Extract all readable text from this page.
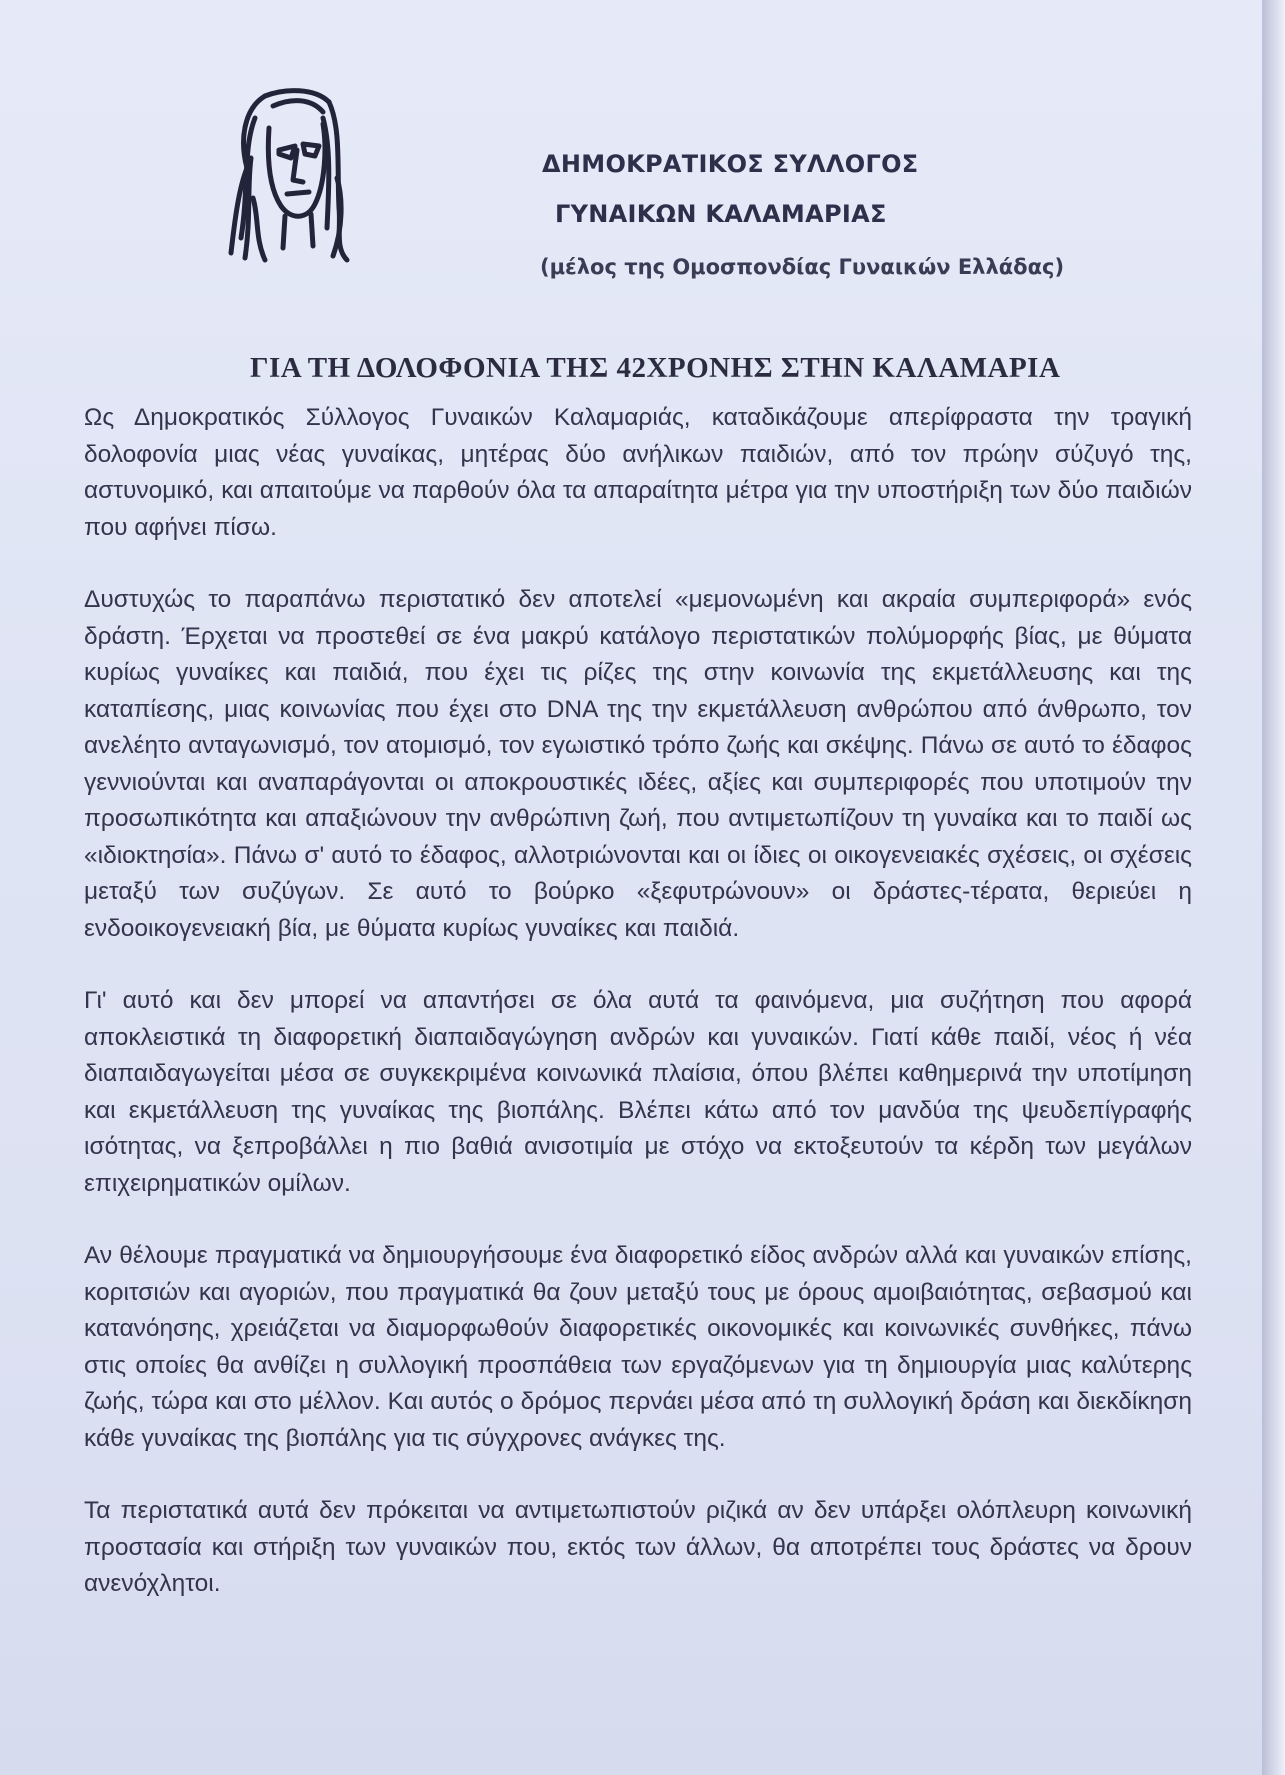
ΔΗΜΟΚΡΑΤΙΚΟΣ ΣΥΛΛΟΓΟΣ
ΓΥΝΑΙΚΩΝ ΚΑΛΑΜΑΡΙΑΣ
(μέλος της Ομοσπονδίας Γυναικών Ελλάδας)
ΓΙΑ ΤΗ ΔΟΛΟΦΟΝΙΑ ΤΗΣ 42ΧΡΟΝΗΣ ΣΤΗΝ ΚΑΛΑΜΑΡΙΑ

Ως Δημοκρατικός Σύλλογος Γυναικών Καλαμαριάς, καταδικάζουμε απερίφραστα την τραγική δολοφονία μιας νέας γυναίκας, μητέρας δύο ανήλικων παιδιών, από τον πρώην σύζυγό της, αστυνομικό, και απαιτούμε να παρθούν όλα τα απαραίτητα μέτρα για την υποστήριξη των δύο παιδιών που αφήνει πίσω.

Δυστυχώς το παραπάνω περιστατικό δεν αποτελεί «μεμονωμένη και ακραία συμπεριφορά» ενός δράστη. Έρχεται να προστεθεί σε ένα μακρύ κατάλογο περιστατικών πολύμορφής βίας, με θύματα κυρίως γυναίκες και παιδιά, που έχει τις ρίζες της στην κοινωνία της εκμετάλλευσης και της καταπίεσης, μιας κοινωνίας που έχει στο DNA της την εκμετάλλευση ανθρώπου από άνθρωπο, τον ανελέητο ανταγωνισμό, τον ατομισμό, τον εγωιστικό τρόπο ζωής και σκέψης. Πάνω σε αυτό το έδαφος γεννιούνται και αναπαράγονται οι αποκρουστικές ιδέες, αξίες και συμπεριφορές που υποτιμούν την προσωπικότητα και απαξιώνουν την ανθρώπινη ζωή, που αντιμετωπίζουν τη γυναίκα και το παιδί ως «ιδιοκτησία». Πάνω σ' αυτό το έδαφος, αλλοτριώνονται και οι ίδιες οι οικογενειακές σχέσεις, οι σχέσεις μεταξύ των συζύγων. Σε αυτό το βούρκο «ξεφυτρώνουν» οι δράστες-τέρατα, θεριεύει η ενδοοικογενειακή βία, με θύματα κυρίως γυναίκες και παιδιά.

Γι' αυτό και δεν μπορεί να απαντήσει σε όλα αυτά τα φαινόμενα, μια συζήτηση που αφορά αποκλειστικά τη διαφορετική διαπαιδαγώγηση ανδρών και γυναικών. Γιατί κάθε παιδί, νέος ή νέα διαπαιδαγωγείται μέσα σε συγκεκριμένα κοινωνικά πλαίσια, όπου βλέπει καθημερινά την υποτίμηση και εκμετάλλευση της γυναίκας της βιοπάλης. Βλέπει κάτω από τον μανδύα της ψευδεπίγραφής ισότητας, να ξεπροβάλλει η πιο βαθιά ανισοτιμία με στόχο να εκτοξευτούν τα κέρδη των μεγάλων επιχειρηματικών ομίλων.

Αν θέλουμε πραγματικά να δημιουργήσουμε ένα διαφορετικό είδος ανδρών αλλά και γυναικών επίσης, κοριτσιών και αγοριών, που πραγματικά θα ζουν μεταξύ τους με όρους αμοιβαιότητας, σεβασμού και κατανόησης, χρειάζεται να διαμορφωθούν διαφορετικές οικονομικές και κοινωνικές συνθήκες, πάνω στις οποίες θα ανθίζει η συλλογική προσπάθεια των εργαζόμενων για τη δημιουργία μιας καλύτερης ζωής, τώρα και στο μέλλον. Και αυτός ο δρόμος περνάει μέσα από τη συλλογική δράση και διεκδίκηση κάθε γυναίκας της βιοπάλης για τις σύγχρονες ανάγκες της.

Τα περιστατικά αυτά δεν πρόκειται να αντιμετωπιστούν ριζικά αν δεν υπάρξει ολόπλευρη κοινωνική προστασία και στήριξη των γυναικών που, εκτός των άλλων, θα αποτρέπει τους δράστες να δρουν ανενόχλητοι.
